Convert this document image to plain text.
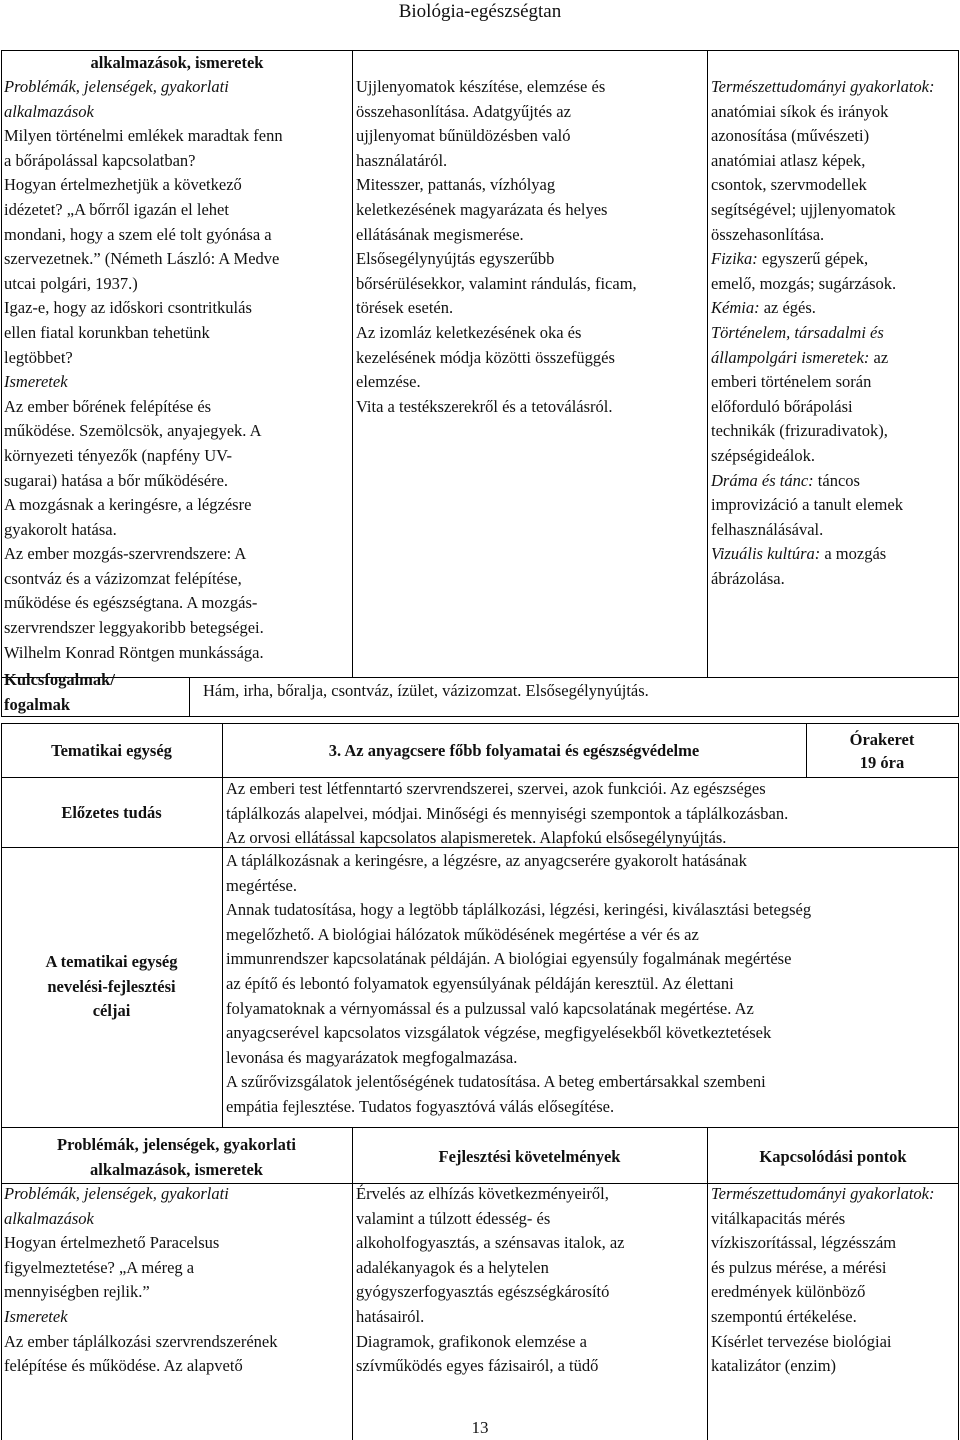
Biológia-egészségtan
alkalmazások, ismeretek
Problémák, jelenségek, gyakorlati
alkalmazások
Milyen történelmi emlékek maradtak fenn
a bőrápolással kapcsolatban?
Hogyan értelmezhetjük a következő
idézetet? „A bőrről igazán el lehet
mondani, hogy a szem elé tolt gyónása a
szervezetnek.” (Németh László: A Medve
utcai polgári, 1937.)
Igaz-e, hogy az időskori csontritkulás
ellen fiatal korunkban tehetünk
legtöbbet?
Ismeretek
Az ember bőrének felépítése és
működése. Szemölcsök, anyajegyek. A
környezeti tényezők (napfény UV-
sugarai) hatása a bőr működésére.
A mozgásnak a keringésre, a légzésre
gyakorolt hatása.
Az ember mozgás-szervrendszere: A
csontváz és a vázizomzat felépítése,
működése és egészségtana. A mozgás-
szervrendszer leggyakoribb betegségei.
Wilhelm Konrad Röntgen munkássága.
Ujjlenyomatok készítése, elemzése és
összehasonlítása. Adatgyűjtés az
ujjlenyomat bűnüldözésben való
használatáról.
Mitesszer, pattanás, vízhólyag
keletkezésének magyarázata és helyes
ellátásának megismerése.
Elsősegélynyújtás egyszerűbb
bőrsérülésekkor, valamint rándulás, ficam,
törések esetén.
Az izomláz keletkezésének oka és
kezelésének módja közötti összefüggés
elemzése.
Vita a testékszerekről és a tetoválásról.
Természettudományi gyakorlatok:
anatómiai síkok és irányok
azonosítása (művészeti)
anatómiai atlasz képek,
csontok, szervmodellek
segítségével; ujjlenyomatok
összehasonlítása.
Fizika: egyszerű gépek,
emelő, mozgás; sugárzások.
Kémia: az égés.
Történelem, társadalmi és
állampolgári ismeretek: az
emberi történelem során
előforduló bőrápolási
technikák (frizuradivatok),
szépségideálok.
Dráma és tánc: táncos
improvizáció a tanult elemek
felhasználásával.
Vizuális kultúra: a mozgás
ábrázolása.
Kulcsfogalmak/
fogalmak
Hám, irha, bőralja, csontváz, ízület, vázizomzat. Elsősegélynyújtás.
Tematikai egység	3. Az anyagcsere főbb folyamatai és egészségvédelme
Órakeret
19 óra
Előzetes tudás
Az emberi test létfenntartó szervrendszerei, szervei, azok funkciói. Az egészséges
táplálkozás alapelvei, módjai. Minőségi és mennyiségi szempontok a táplálkozásban.
Az orvosi ellátással kapcsolatos alapismeretek. Alapfokú elsősegélynyújtás.
A tematikai egység
nevelési-fejlesztési
céljai
A táplálkozásnak a keringésre, a légzésre, az anyagcserére gyakorolt hatásának
megértése.
Annak tudatosítása, hogy a legtöbb táplálkozási, légzési, keringési, kiválasztási betegség
megelőzhető. A biológiai hálózatok működésének megértése a vér és az
immunrendszer kapcsolatának példáján. A biológiai egyensúly fogalmának megértése
az építő és lebontó folyamatok egyensúlyának példáján keresztül. Az élettani
folyamatoknak a vérnyomással és a pulzussal való kapcsolatának megértése. Az
anyagcserével kapcsolatos vizsgálatok végzése, megfigyelésekből következtetések
levonása és magyarázatok megfogalmazása.
A szűrővizsgálatok jelentőségének tudatosítása. A beteg embertársakkal szembeni
empátia fejlesztése. Tudatos fogyasztóvá válás elősegítése.
Problémák, jelenségek, gyakorlati
alkalmazások, ismeretek
Fejlesztési követelmények	Kapcsolódási pontok
Problémák, jelenségek, gyakorlati
alkalmazások
Hogyan értelmezhető Paracelsus
figyelmeztetése? „A méreg a
mennyiségben rejlik.”
Ismeretek
Az ember táplálkozási szervrendszerének
felépítése és működése. Az alapvető
Érvelés az elhízás következményeiről,
valamint a túlzott édesség- és
alkoholfogyasztás, a szénsavas italok, az
adalékanyagok és a helytelen
gyógyszerfogyasztás egészségkárosító
hatásairól.
Diagramok, grafikonok elemzése a
szívműködés egyes fázisairól, a tüdő
Természettudományi gyakorlatok:
vitálkapacitás mérés
vízkiszorítással, légzésszám
és pulzus mérése, a mérési
eredmények különböző
szempontú értékelése.
Kísérlet tervezése biológiai
katalizátor (enzim)
13
